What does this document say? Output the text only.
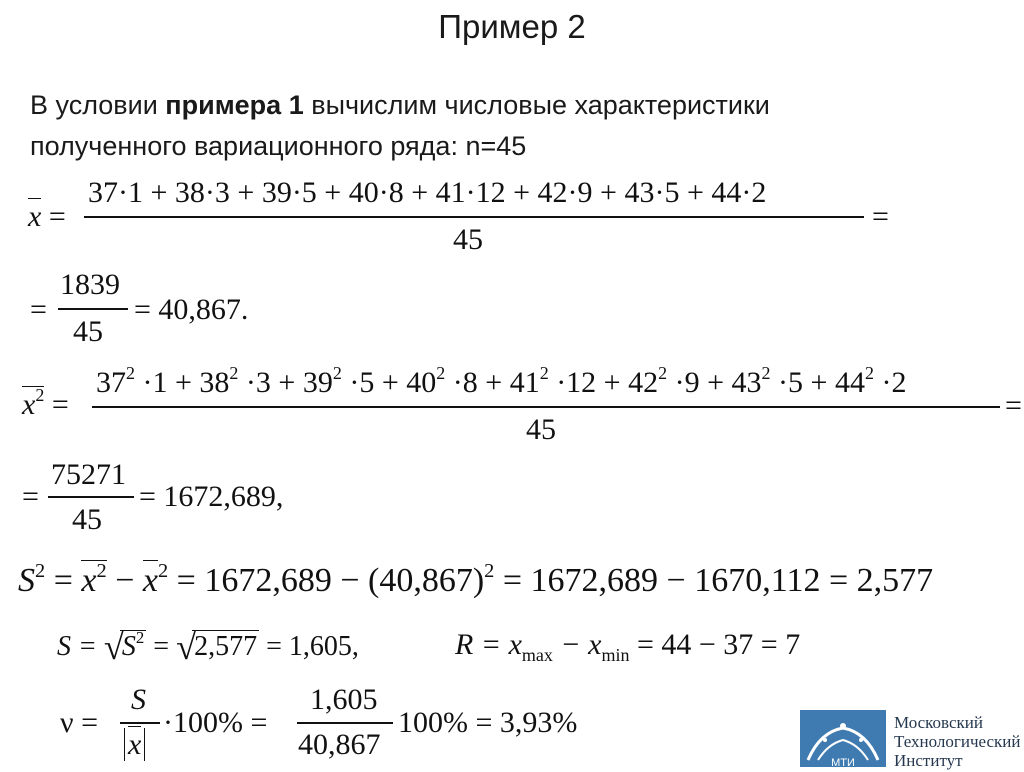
Пример 2
В условии примера 1 вычислим числовые характеристики
полученного вариационного ряда: n=45
x =
37·1 + 38·3 + 39·5 + 40·8 + 41·12 + 42·9 + 43·5 + 44·2
45
=
=
1839
45
= 40,867.
$x^2$ =
$37^2 \cdot 1 + 38^2 \cdot 3 + 39^2 \cdot 5 + 40^2 \cdot 8 + 41^2 \cdot 12 + 42^2 \cdot 9 + 43^2 \cdot 5 + 44^2 \cdot 2$
45
=
=
75271
45
= 1672,689,
$S^2 = x^2 - x^2 = 1672,689 - (40,867)^2 = 1672,689 - 1670,112 = 2,577$
S = √
$S^2$ = √
2,577 = 1,605,	$R = x_{max} - x_{min} = 44 - 37 = 7$
ν =
S
x
·100% =
1,605
40,867
100% = 3,93%
МТИ
Московский
Технологический
Институт
